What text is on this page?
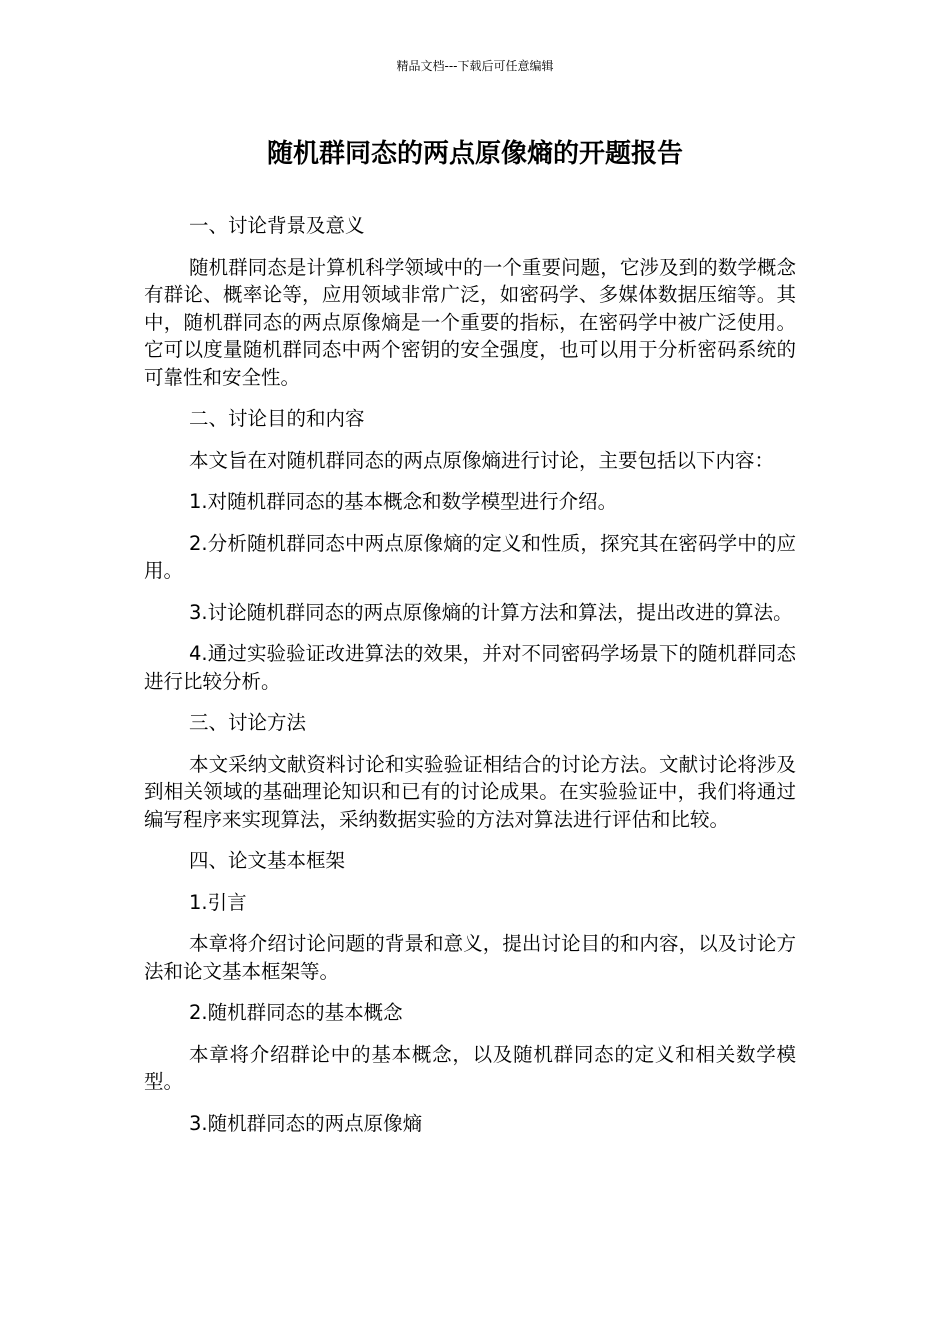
精品文档---下载后可任意编辑
随机群同态的两点原像熵的开题报告

一、讨论背景及意义

随机群同态是计算机科学领域中的一个重要问题，它涉及到的数学概念有群论、概率论等，应用领域非常广泛，如密码学、多媒体数据压缩等。其中，随机群同态的两点原像熵是一个重要的指标，在密码学中被广泛使用。它可以度量随机群同态中两个密钥的安全强度，也可以用于分析密码系统的可靠性和安全性。

二、讨论目的和内容

本文旨在对随机群同态的两点原像熵进行讨论，主要包括以下内容：

1.对随机群同态的基本概念和数学模型进行介绍。

2.分析随机群同态中两点原像熵的定义和性质，探究其在密码学中的应用。

3.讨论随机群同态的两点原像熵的计算方法和算法，提出改进的算法。

4.通过实验验证改进算法的效果，并对不同密码学场景下的随机群同态进行比较分析。

三、讨论方法

本文采纳文献资料讨论和实验验证相结合的讨论方法。文献讨论将涉及到相关领域的基础理论知识和已有的讨论成果。在实验验证中，我们将通过编写程序来实现算法，采纳数据实验的方法对算法进行评估和比较。

四、论文基本框架

1.引言

本章将介绍讨论问题的背景和意义，提出讨论目的和内容，以及讨论方法和论文基本框架等。

2.随机群同态的基本概念

本章将介绍群论中的基本概念，以及随机群同态的定义和相关数学模型。

3.随机群同态的两点原像熵
